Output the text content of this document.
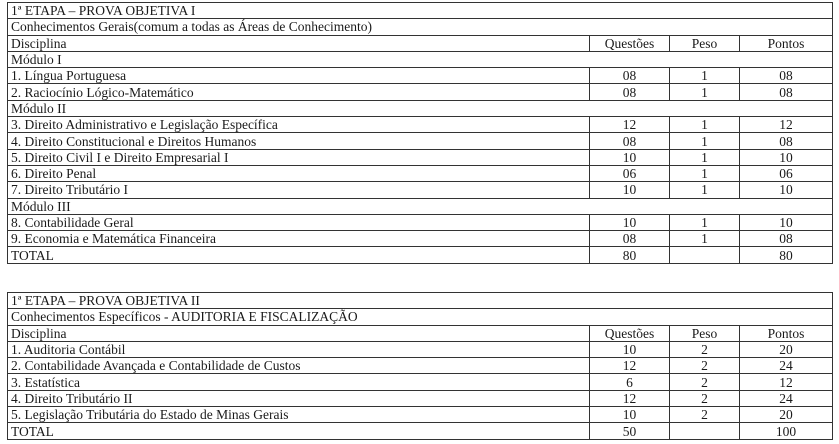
1ª ETAPA – PROVA OBJETIVA I			
Conhecimentos Gerais(comum a todas as Áreas de Conhecimento)			
Disciplina	Questões	Peso	Pontos
Módulo I			
1. Língua Portuguesa	08	1	08
2. Raciocínio Lógico-Matemático	08	1	08
Módulo II			
3. Direito Administrativo e Legislação Específica	12	1	12
4. Direito Constitucional e Direitos Humanos	08	1	08
5. Direito Civil I e Direito Empresarial I	10	1	10
6. Direito Penal	06	1	06
7. Direito Tributário I	10	1	10
Módulo III			
8. Contabilidade Geral	10	1	10
9. Economia e Matemática Financeira	08	1	08
TOTAL	80		80
1ª ETAPA – PROVA OBJETIVA II			
Conhecimentos Específicos - AUDITORIA E FISCALIZAÇÃO			
Disciplina	Questões	Peso	Pontos
1. Auditoria Contábil	10	2	20
2. Contabilidade Avançada e Contabilidade de Custos	12	2	24
3. Estatística	6	2	12
4. Direito Tributário II	12	2	24
5. Legislação Tributária do Estado de Minas Gerais	10	2	20
TOTAL	50		100
